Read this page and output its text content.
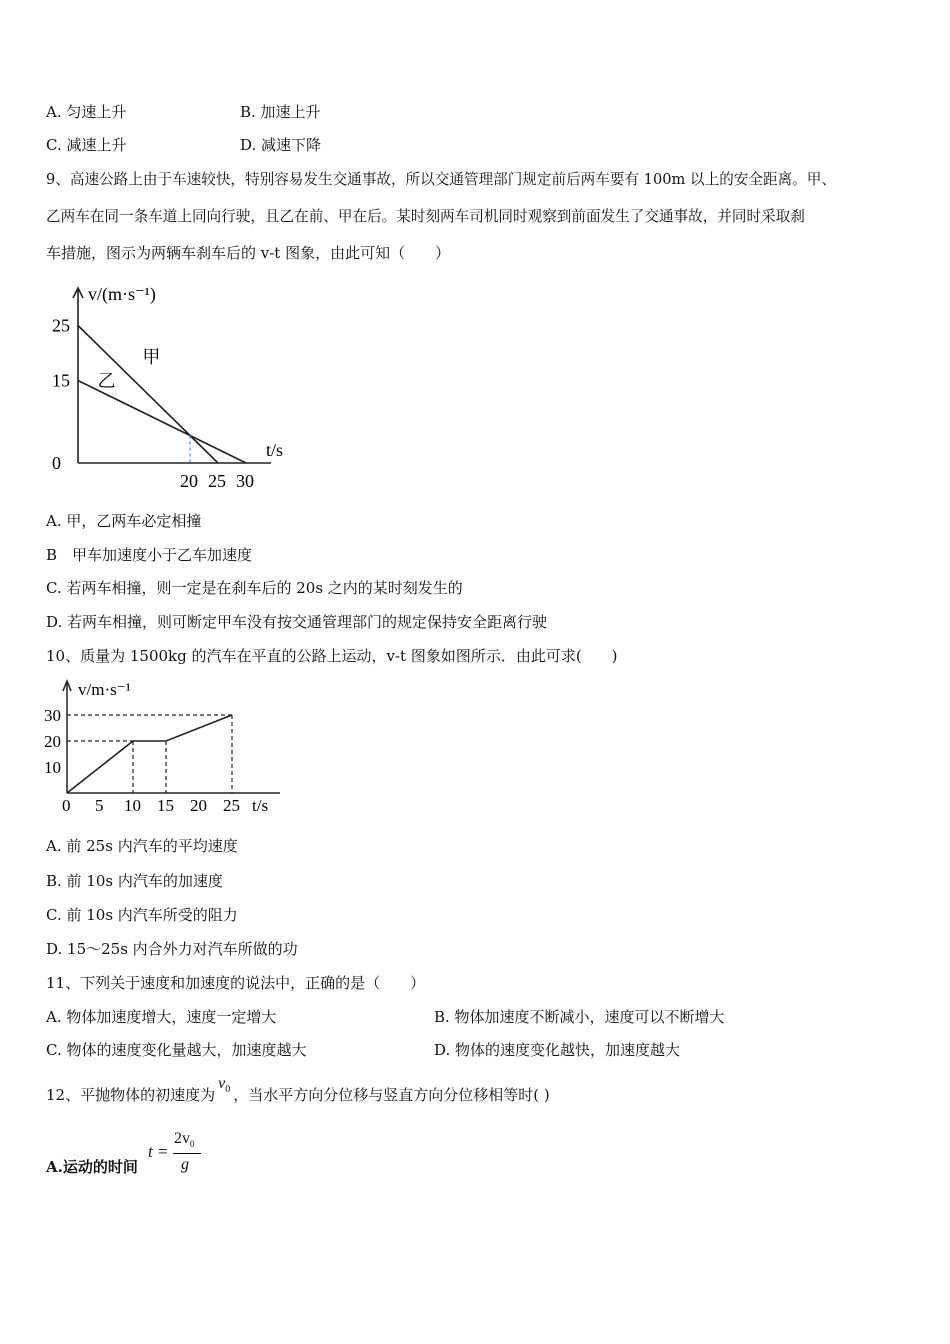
A. 匀速上升	B. 加速上升
C. 减速上升	D. 减速下降
9、高速公路上由于车速较快，特别容易发生交通事故，所以交通管理部门规定前后两车要有 100m 以上的安全距离。甲、
乙两车在同一条车道上同向行驶，且乙在前、甲在后。某时刻两车司机同时观察到前面发生了交通事故，并同时采取刹
车措施，图示为两辆车刹车后的 v-t 图象，由此可知（　　）
甲
乙
v/(m·s⁻¹)
t/s
25
15
0
20 25 30
A. 甲，乙两车必定相撞
B　甲车加速度小于乙车加速度
C. 若两车相撞，则一定是在刹车后的 20s 之内的某时刻发生的
D. 若两车相撞，则可断定甲车没有按交通管理部门的规定保持安全距离行驶
10、质量为 1500kg 的汽车在平直的公路上运动，v-t 图象如图所示．由此可求(　　)
v/m·s⁻¹
t/s
30
20
10
0 5 10 15 20 25
A. 前 25s 内汽车的平均速度
B. 前 10s 内汽车的加速度
C. 前 10s 内汽车所受的阻力
D. 15～25s 内合外力对汽车所做的功
11、下列关于速度和加速度的说法中，正确的是（　　）
A. 物体加速度增大，速度一定增大	B. 物体加速度不断减小，速度可以不断增大
C. 物体的速度变化量越大，加速度越大	D. 物体的速度变化越快，加速度越大
12、平抛物体的初速度为$v_0$ ，当水平方向分位移与竖直方向分位移相等时( )
A.运动的时间
t =
$2v_0$
g
